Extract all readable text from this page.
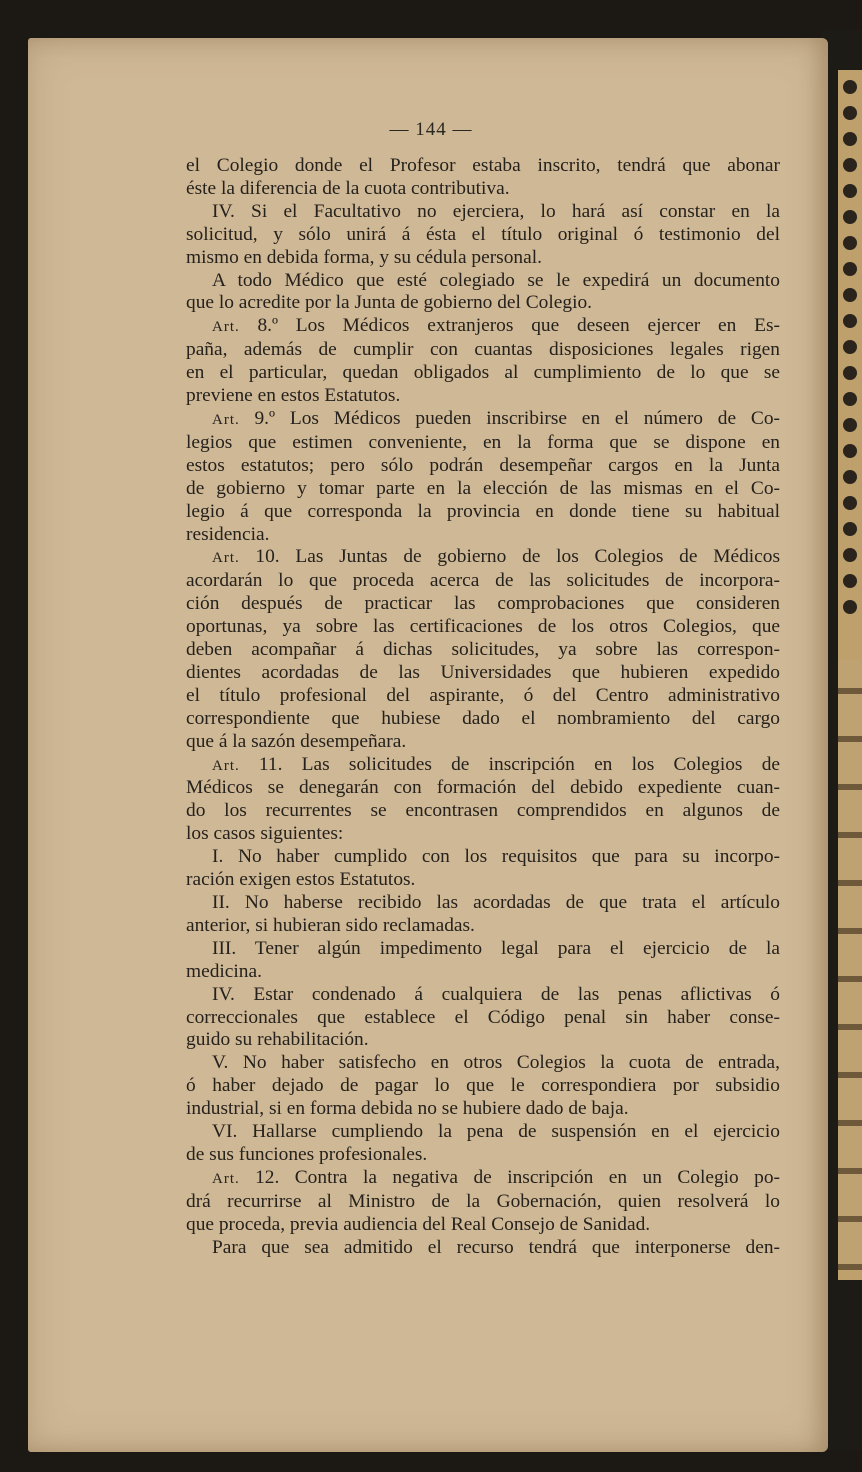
— 144 —

el Colegio donde el Profesor estaba inscrito, tendrá que abonar

éste la diferencia de la cuota contributiva.

IV. Si el Facultativo no ejerciera, lo hará así constar en la

solicitud, y sólo unirá á ésta el título original ó testimonio del

mismo en debida forma, y su cédula personal.

A todo Médico que esté colegiado se le expedirá un documento

que lo acredite por la Junta de gobierno del Colegio.

Art. 8.º Los Médicos extranjeros que deseen ejercer en Es-

paña, además de cumplir con cuantas disposiciones legales rigen

en el particular, quedan obligados al cumplimiento de lo que se

previene en estos Estatutos.

Art. 9.º Los Médicos pueden inscribirse en el número de Co-

legios que estimen conveniente, en la forma que se dispone en

estos estatutos; pero sólo podrán desempeñar cargos en la Junta

de gobierno y tomar parte en la elección de las mismas en el Co-

legio á que corresponda la provincia en donde tiene su habitual

residencia.

Art. 10. Las Juntas de gobierno de los Colegios de Médicos

acordarán lo que proceda acerca de las solicitudes de incorpora-

ción después de practicar las comprobaciones que consideren

oportunas, ya sobre las certificaciones de los otros Colegios, que

deben acompañar á dichas solicitudes, ya sobre las correspon-

dientes acordadas de las Universidades que hubieren expedido

el título profesional del aspirante, ó del Centro administrativo

correspondiente que hubiese dado el nombramiento del cargo

que á la sazón desempeñara.

Art. 11. Las solicitudes de inscripción en los Colegios de

Médicos se denegarán con formación del debido expediente cuan-

do los recurrentes se encontrasen comprendidos en algunos de

los casos siguientes:

I. No haber cumplido con los requisitos que para su incorpo-

ración exigen estos Estatutos.

II. No haberse recibido las acordadas de que trata el artículo

anterior, si hubieran sido reclamadas.

III. Tener algún impedimento legal para el ejercicio de la

medicina.

IV. Estar condenado á cualquiera de las penas aflictivas ó

correccionales que establece el Código penal sin haber conse-

guido su rehabilitación.

V. No haber satisfecho en otros Colegios la cuota de entrada,

ó haber dejado de pagar lo que le correspondiera por subsidio

industrial, si en forma debida no se hubiere dado de baja.

VI. Hallarse cumpliendo la pena de suspensión en el ejercicio

de sus funciones profesionales.

Art. 12. Contra la negativa de inscripción en un Colegio po-

drá recurrirse al Ministro de la Gobernación, quien resolverá lo

que proceda, previa audiencia del Real Consejo de Sanidad.

Para que sea admitido el recurso tendrá que interponerse den-
